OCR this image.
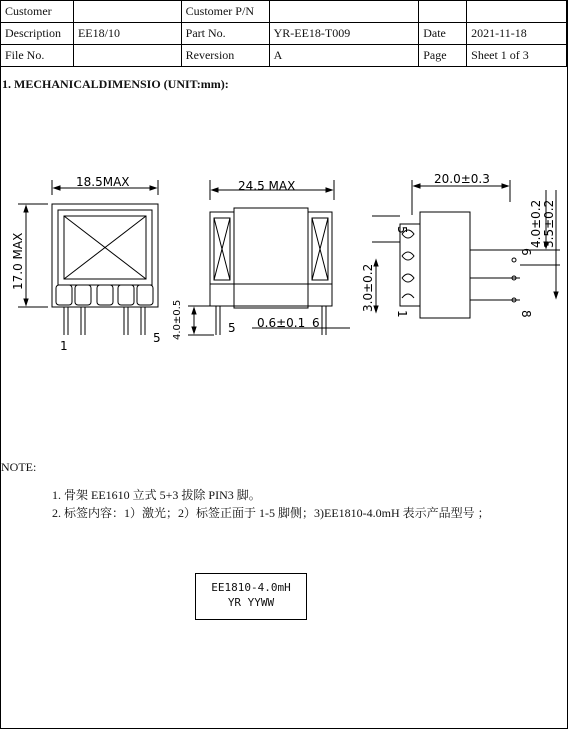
Customer		Customer P/N			
Description	EE18/10	Part No.	YR-EE18-T009	Date	2021-11-18
File No.		Reversion	A	Page	Sheet 1 of 3
1. MECHANICALDIMENSIO (UNIT:mm):
18.5MAX
17.0 MAX
1
5
24.5 MAX
4.0±0.5	5 0.6±0.1 6
20.0±0.3
3.0±0.2
4.0±0.2 3.5±0.2
5
1
6
8
NOTE:
1. 骨架 EE1610 立式 5+3 拔除 PIN3 脚。
2. 标签内容：1）激光；2）标签正面于 1-5 脚侧；3)EE1810-4.0mH 表示产品型号 ；
EE1810-4.0mH
YR YYWW
